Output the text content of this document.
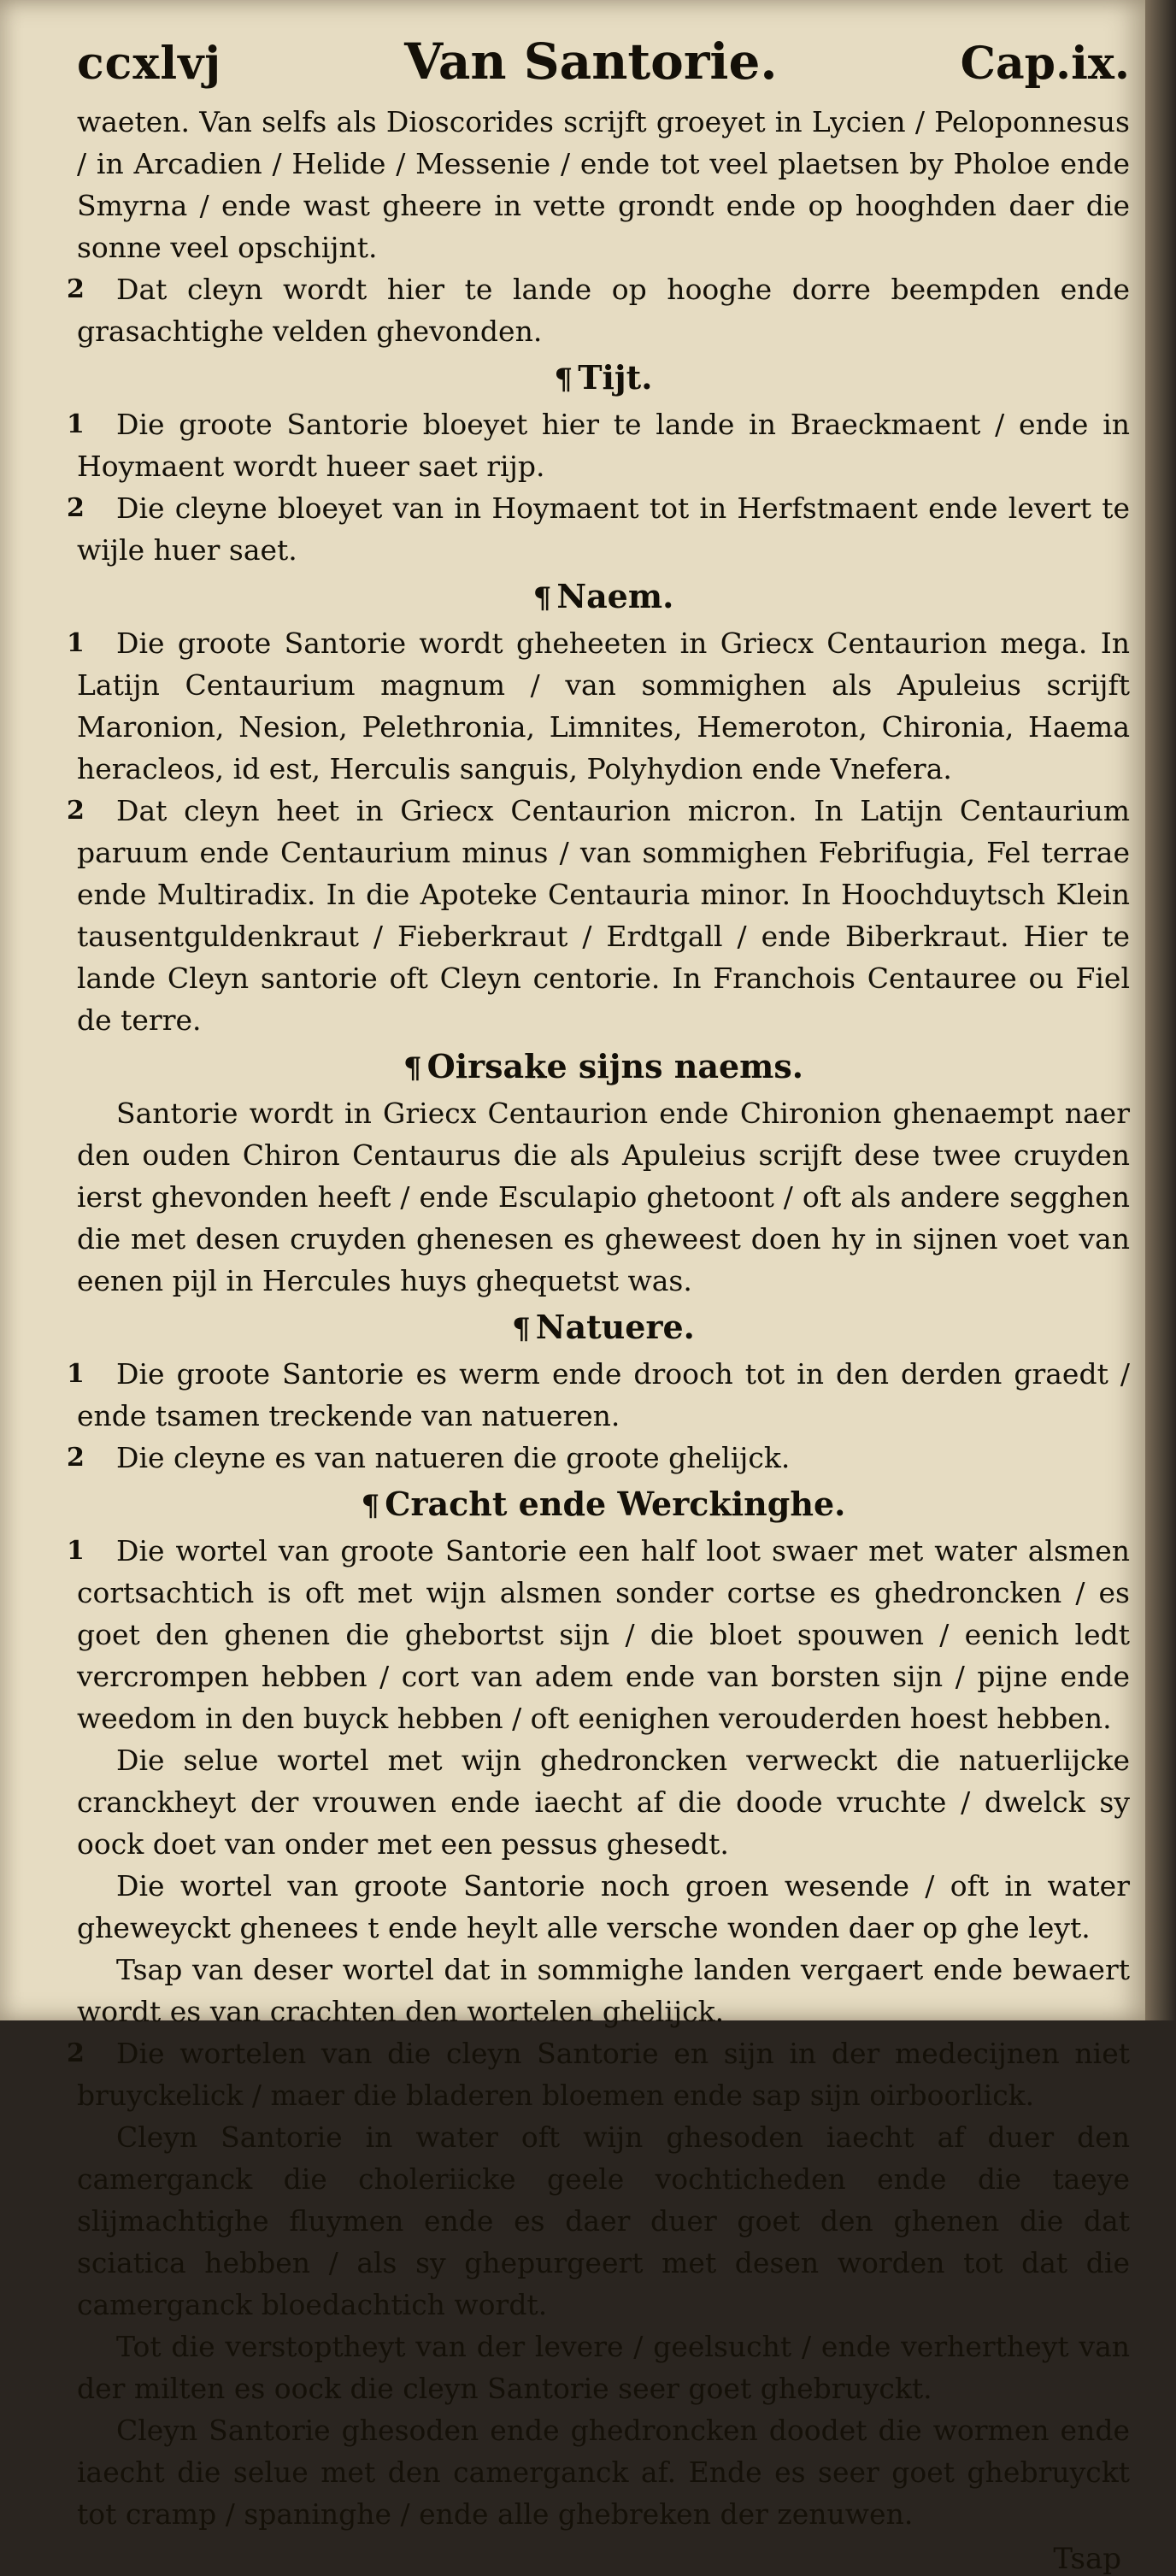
ccxlvj	Van Santorie.	Cap.ix.

waeten. Van selfs als Dioscorides scrijft groeyet in Lycien / Peloponnesus / in Arcadien / Helide / Messenie / ende tot veel plaetsen by Pholoe ende Smyrna / ende wast gheere in vette grondt ende op hooghden daer die sonne veel opschijnt.

2 Dat cleyn wordt hier te lande op hooghe dorre beempden ende grasachtighe velden ghevonden.

¶ Tijt.

1 Die groote Santorie bloeyet hier te lande in Braeckmaent / ende in Hoymaent wordt hueer saet rijp.

2 Die cleyne bloeyet van in Hoymaent tot in Herfstmaent ende levert te wijle huer saet.

¶ Naem.

1 Die groote Santorie wordt gheheeten in Griecx Centaurion mega. In Latijn Centaurium magnum / van sommighen als Apuleius scrijft Maronion, Nesion, Pelethronia, Limnites, Hemeroton, Chironia, Haema heracleos, id est, Herculis sanguis, Polyhydion ende Vnefera.

2 Dat cleyn heet in Griecx Centaurion micron. In Latijn Centaurium paruum ende Centaurium minus / van sommighen Febrifugia, Fel terrae ende Multiradix. In die Apoteke Centauria minor. In Hoochduytsch Klein tausentguldenkraut / Fieberkraut / Erdtgall / ende Biberkraut. Hier te lande Cleyn santorie oft Cleyn centorie. In Franchois Centauree ou Fiel de terre.

¶ Oirsake sijns naems.

Santorie wordt in Griecx Centaurion ende Chironion ghenaempt naer den ouden Chiron Centaurus die als Apuleius scrijft dese twee cruyden ierst ghevonden heeft / ende Esculapio ghetoont / oft als andere segghen die met desen cruyden ghenesen es gheweest doen hy in sijnen voet van eenen pijl in Hercules huys ghequetst was.

¶ Natuere.

1 Die groote Santorie es werm ende drooch tot in den derden graedt / ende tsamen treckende van natueren.

2 Die cleyne es van natueren die groote ghelijck.

¶ Cracht ende Werckinghe.

1 Die wortel van groote Santorie een half loot swaer met water alsmen cortsachtich is oft met wijn alsmen sonder cortse es ghedroncken / es goet den ghenen die ghebortst sijn / die bloet spouwen / eenich ledt vercrompen hebben / cort van adem ende van borsten sijn / pijne ende weedom in den buyck hebben / oft eenighen verouderden hoest hebben.

Die selue wortel met wijn ghedroncken verweckt die natuerlijcke cranckheyt der vrouwen ende iaecht af die doode vruchte / dwelck sy oock doet van onder met een pessus ghesedt.

Die wortel van groote Santorie noch groen wesende / oft in water gheweyckt ghenees t ende heylt alle versche wonden daer op ghe leyt.

Tsap van deser wortel dat in sommighe landen vergaert ende bewaert wordt es van crachten den wortelen ghelijck.

2 Die wortelen van die cleyn Santorie en sijn in der medecijnen niet bruyckelick / maer die bladeren bloemen ende sap sijn oirboorlick.

Cleyn Santorie in water oft wijn ghesoden iaecht af duer den camerganck die choleriicke geele vochticheden ende die taeye slijmachtighe fluymen ende es daer duer goet den ghenen die dat sciatica hebben / als sy ghepurgeert met desen worden tot dat die camerganck bloedachtich wordt.

Tot die verstoptheyt van der levere / geelsucht / ende verhertheyt van der milten es oock die cleyn Santorie seer goet ghebruyckt.

Cleyn Santorie ghesoden ende ghedroncken doodet die wormen ende iaecht die selue met den camerganck af. Ende es seer goet ghebruyckt tot cramp / spaninghe / ende alle ghebreken der zenuwen.

Tsap
